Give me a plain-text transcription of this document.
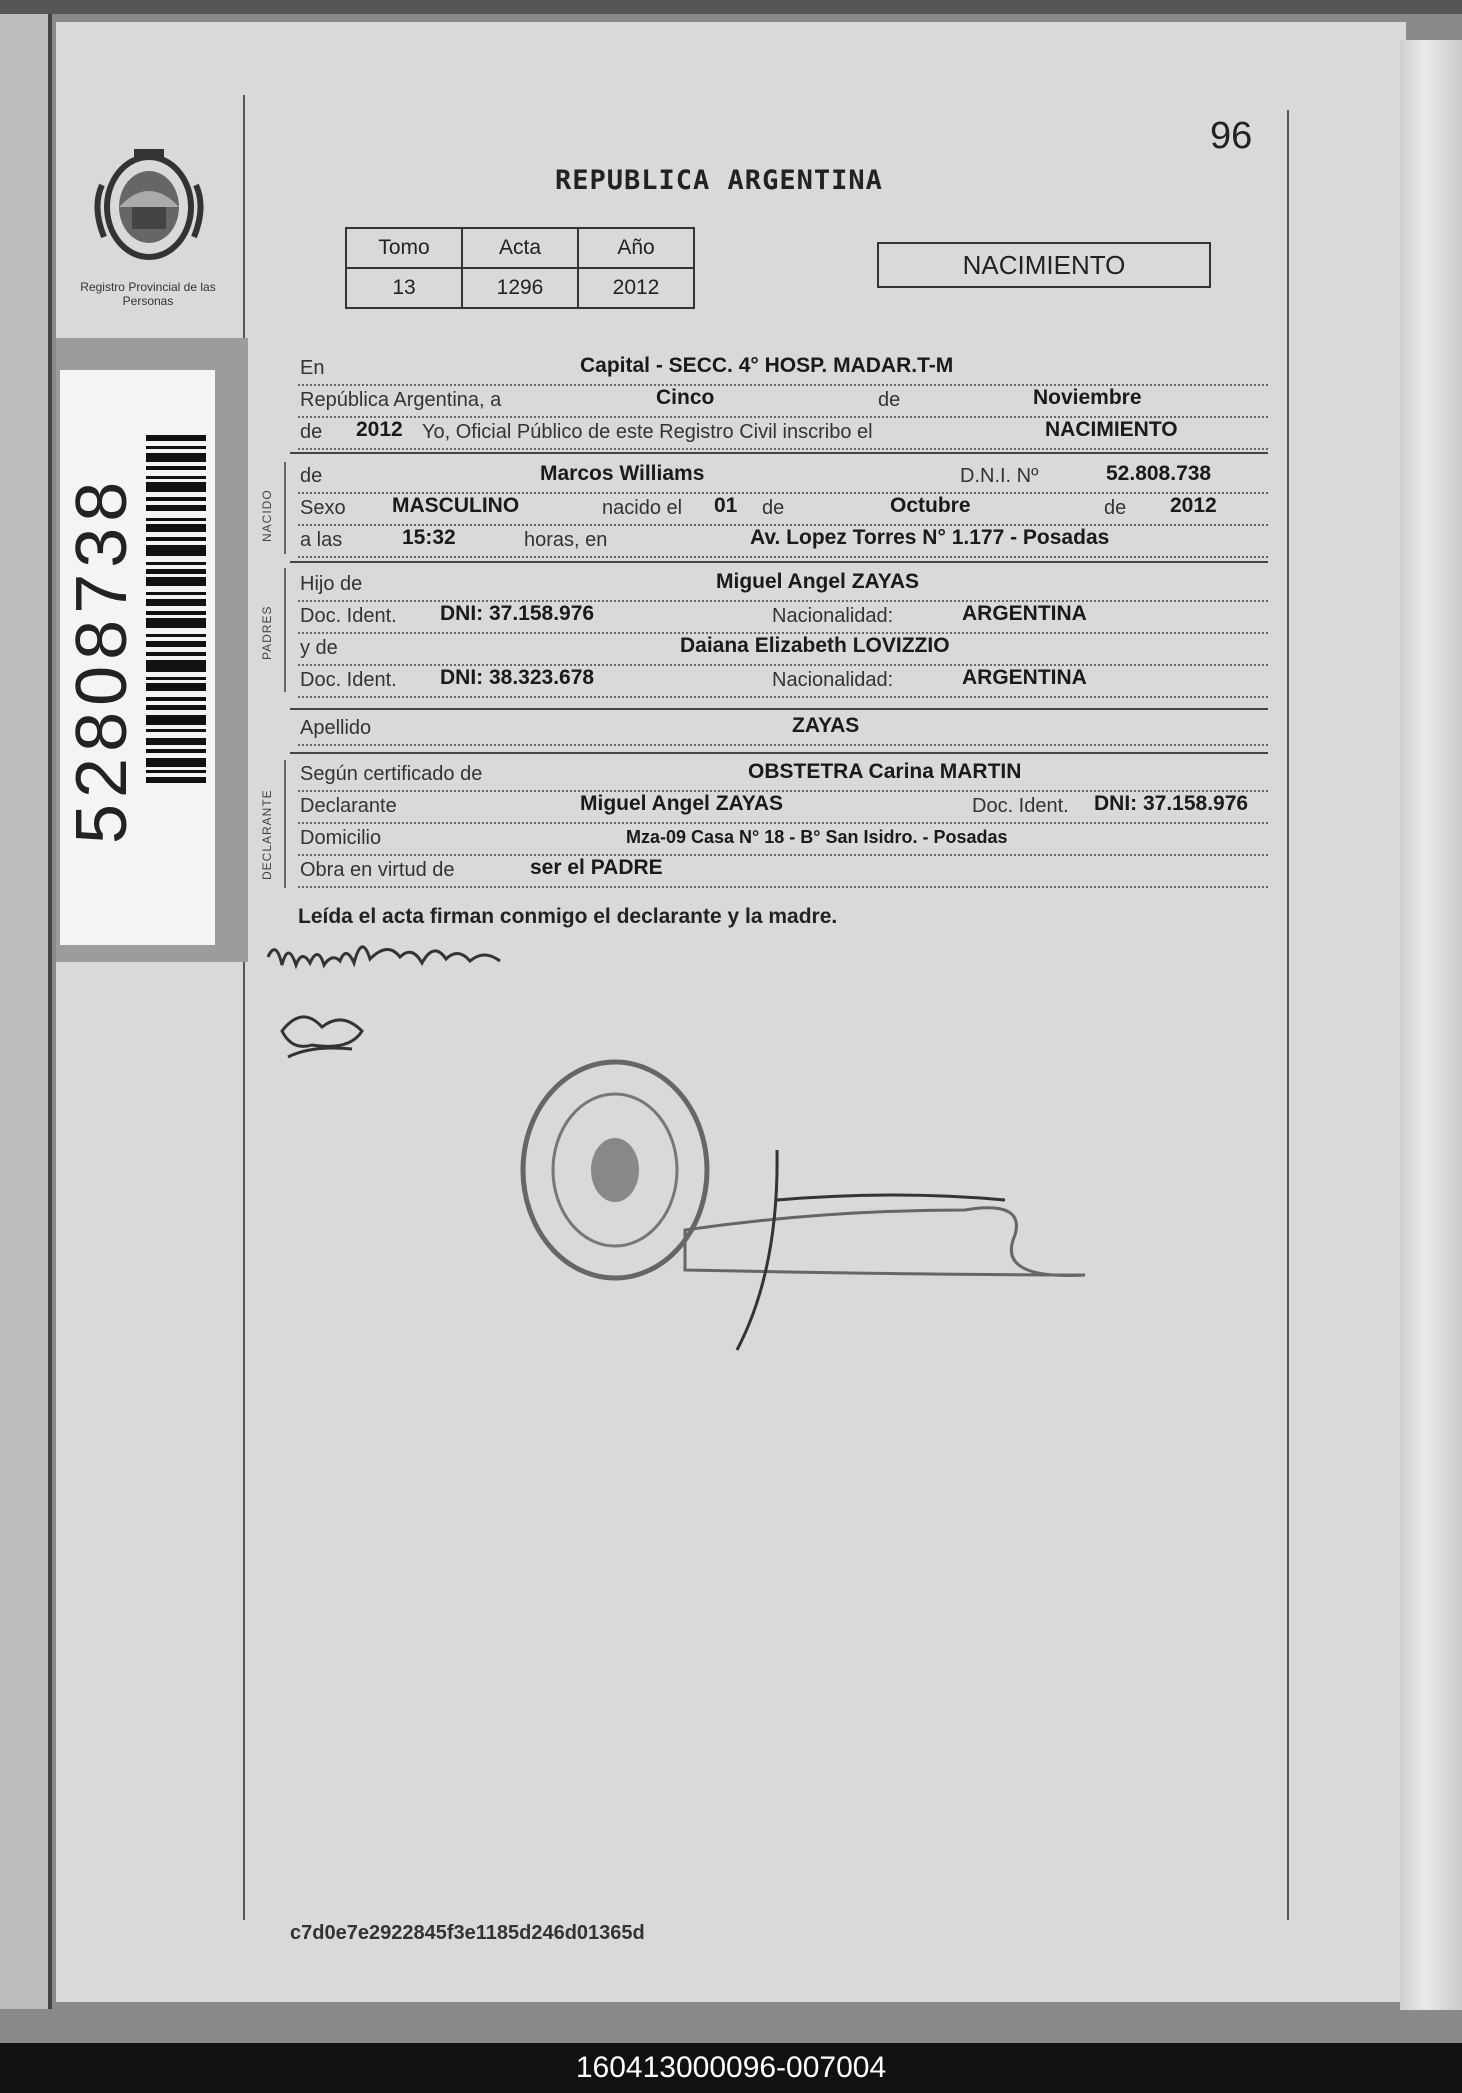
Registro Provincial de las Personas
52808738
96
REPUBLICA ARGENTINA
Tomo	Acta	Año
13	1296	2012
NACIMIENTO
En	Capital - SECC. 4° HOSP. MADAR.T-M
República Argentina, a	Cinco	de	Noviembre
de 2012 Yo, Oficial Público de este Registro Civil inscribo el	NACIMIENTO
NACIDO
de	Marcos Williams	D.N.I. Nº	52.808.738
Sexo MASCULINO	nacido el 01 de	Octubre	de 2012
a las	15:32	horas, en	Av. Lopez Torres N° 1.177 - Posadas
PADRES
Hijo de	Miguel Angel ZAYAS
Doc. Ident. DNI: 37.158.976	Nacionalidad:	ARGENTINA
y de	Daiana Elizabeth LOVIZZIO
Doc. Ident. DNI: 38.323.678	Nacionalidad:	ARGENTINA
Apellido	ZAYAS
DECLARANTE
Según certificado de	OBSTETRA Carina MARTIN
Declarante	Miguel Angel ZAYAS	Doc. Ident. DNI: 37.158.976
Domicilio	Mza-09 Casa N° 18 - B° San Isidro. - Posadas
Obra en virtud de	ser el PADRE
Leída el acta firman conmigo el declarante y la madre.
c7d0e7e2922845f3e1185d246d01365d
160413000096-007004
